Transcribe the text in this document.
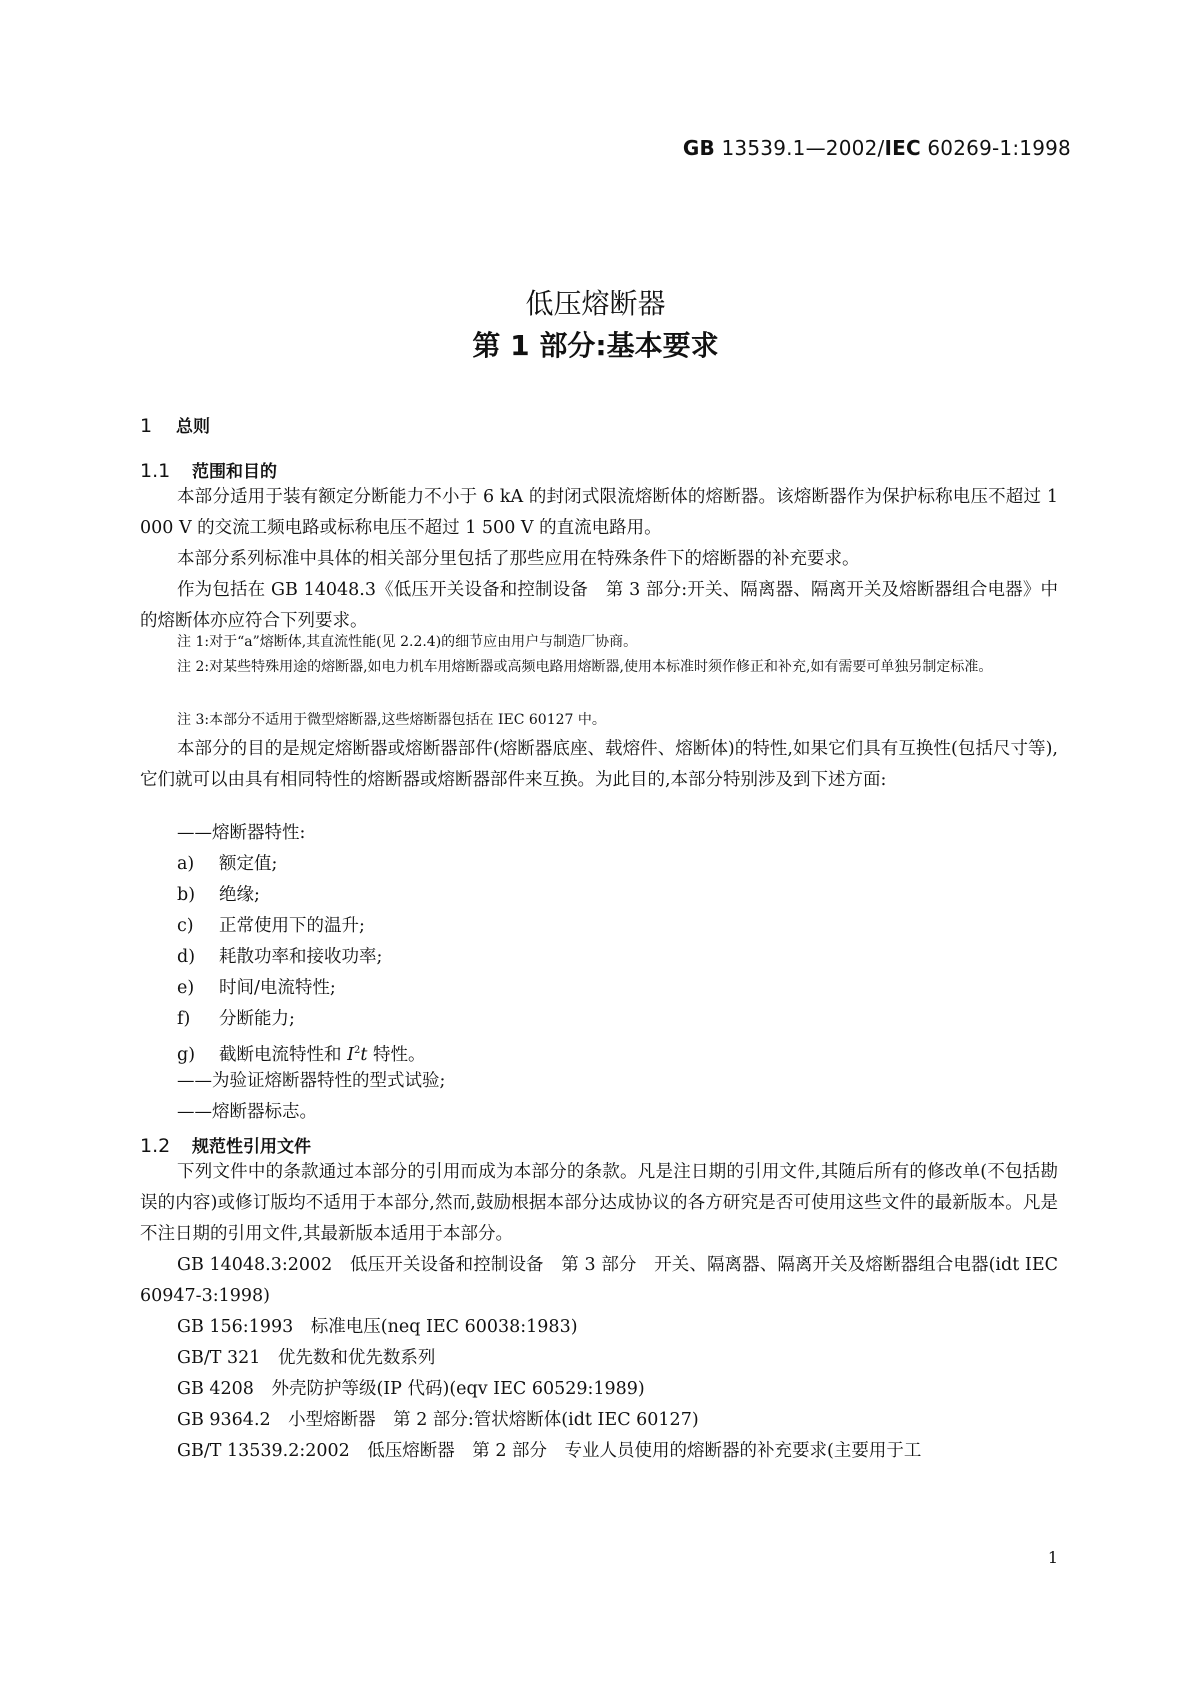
GB 13539.1—2002/IEC 60269-1:1998
低压熔断器
第 1 部分:基本要求
1 总则
1.1 范围和目的
本部分适用于装有额定分断能力不小于 6 kA 的封闭式限流熔断体的熔断器。该熔断器作为保护标称电压不超过 1 000 V 的交流工频电路或标称电压不超过 1 500 V 的直流电路用。
本部分系列标准中具体的相关部分里包括了那些应用在特殊条件下的熔断器的补充要求。
作为包括在 GB 14048.3《低压开关设备和控制设备　第 3 部分:开关、隔离器、隔离开关及熔断器组合电器》中的熔断体亦应符合下列要求。
注 1:对于“a”熔断体,其直流性能(见 2.2.4)的细节应由用户与制造厂协商。
注 2:对某些特殊用途的熔断器,如电力机车用熔断器或高频电路用熔断器,使用本标准时须作修正和补充,如有需要可单独另制定标准。
注 3:本部分不适用于微型熔断器,这些熔断器包括在 IEC 60127 中。
本部分的目的是规定熔断器或熔断器部件(熔断器底座、载熔件、熔断体)的特性,如果它们具有互换性(包括尺寸等),它们就可以由具有相同特性的熔断器或熔断器部件来互换。为此目的,本部分特别涉及到下述方面:
——熔断器特性:
a) 额定值;
b) 绝缘;
c) 正常使用下的温升;
d) 耗散功率和接收功率;
e) 时间/电流特性;
f) 分断能力;
g) 截断电流特性和 $I^2t$ 特性。
——为验证熔断器特性的型式试验;
——熔断器标志。
1.2 规范性引用文件
下列文件中的条款通过本部分的引用而成为本部分的条款。凡是注日期的引用文件,其随后所有的修改单(不包括勘误的内容)或修订版均不适用于本部分,然而,鼓励根据本部分达成协议的各方研究是否可使用这些文件的最新版本。凡是不注日期的引用文件,其最新版本适用于本部分。
GB 14048.3:2002　低压开关设备和控制设备　第 3 部分　开关、隔离器、隔离开关及熔断器组合电器(idt IEC 60947-3:1998)
GB 156:1993　标准电压(neq IEC 60038:1983)
GB/T 321　优先数和优先数系列
GB 4208　外壳防护等级(IP 代码)(eqv IEC 60529:1989)
GB 9364.2　小型熔断器　第 2 部分:管状熔断体(idt IEC 60127)
GB/T 13539.2:2002　低压熔断器　第 2 部分　专业人员使用的熔断器的补充要求(主要用于工
1
